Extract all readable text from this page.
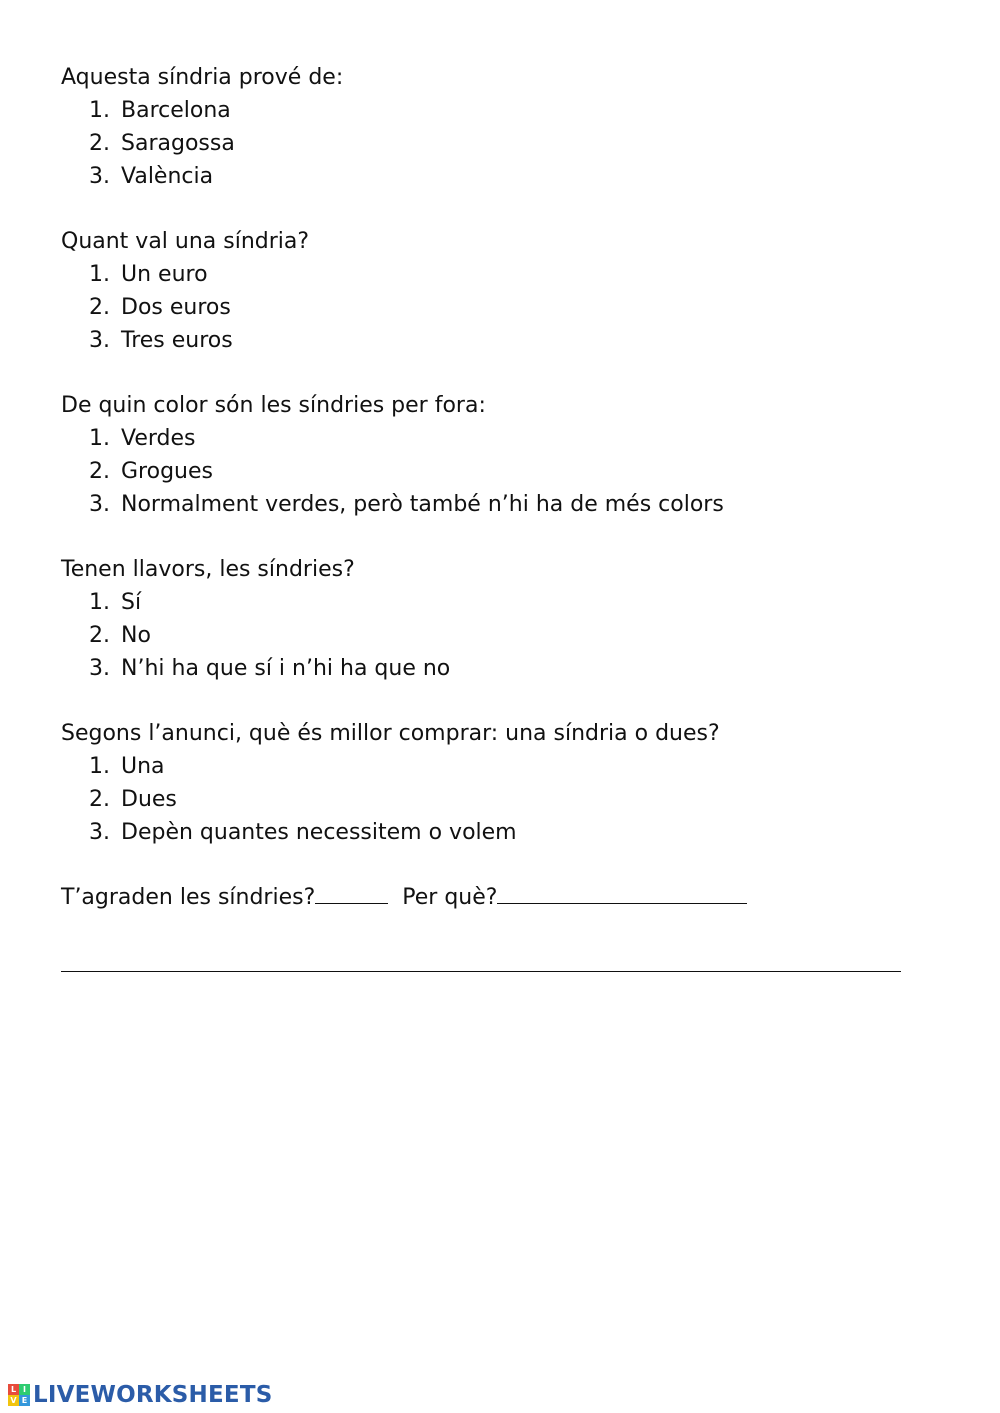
Aquesta síndria prové de:
1. Barcelona
2. Saragossa
3. València
Quant val una síndria?
1. Un euro
2. Dos euros
3. Tres euros
De quin color són les síndries per fora:
1. Verdes
2. Grogues
3. Normalment verdes, però també n’hi ha de més colors
Tenen llavors, les síndries?
1. Sí
2. No
3. N’hi ha que sí i n’hi ha que no
Segons l’anunci, què és millor comprar: una síndria o dues?
1. Una
2. Dues
3. Depèn quantes necessitem o volem
T’agraden les síndries?	Per què?
L I
V E LIVEWORKSHEETS
